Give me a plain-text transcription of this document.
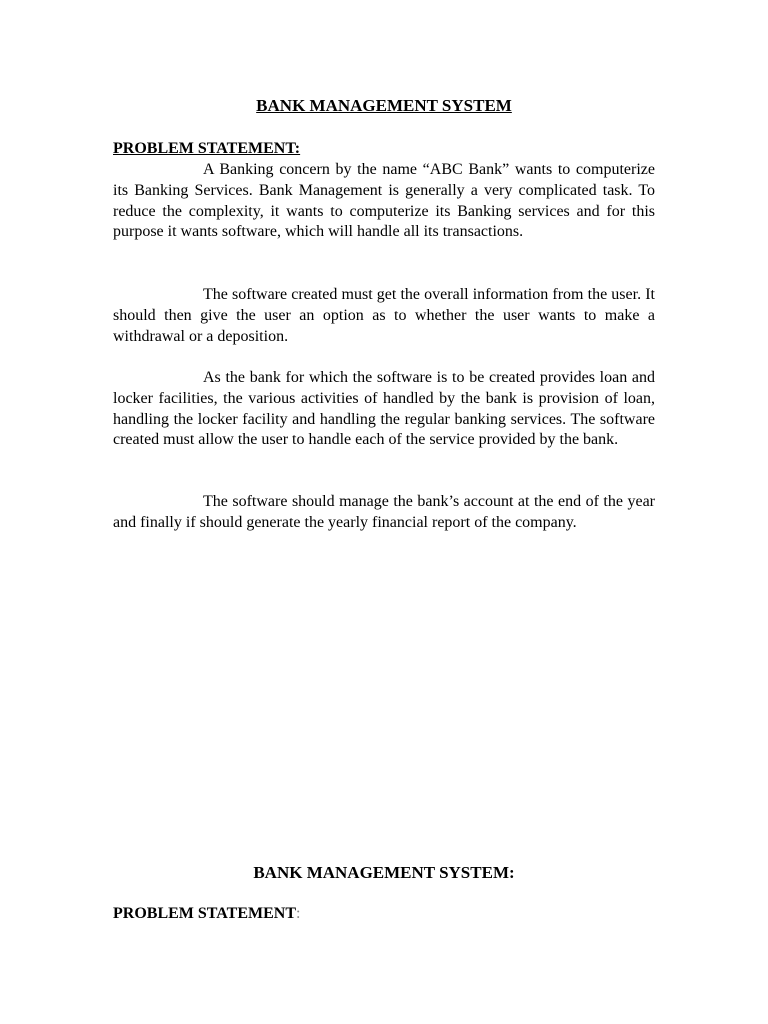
BANK MANAGEMENT SYSTEM
PROBLEM STATEMENT:

A Banking concern by the name “ABC Bank” wants to computerize its Banking Services. Bank Management is generally a very complicated task. To reduce the complexity, it wants to computerize its Banking services and for this purpose it wants software, which will handle all its transactions.

The software created must get the overall information from the user. It should then give the user an option as to whether the user wants to make a withdrawal or a deposition.

As the bank for which the software is to be created provides loan and locker facilities, the various activities of handled by the bank is provision of loan, handling the locker facility and handling the regular banking services. The software created must allow the user to handle each of the service provided by the bank.

The software should manage the bank’s account at the end of the year and finally if should generate the yearly financial report of the company.

BANK MANAGEMENT SYSTEM:
PROBLEM STATEMENT:
